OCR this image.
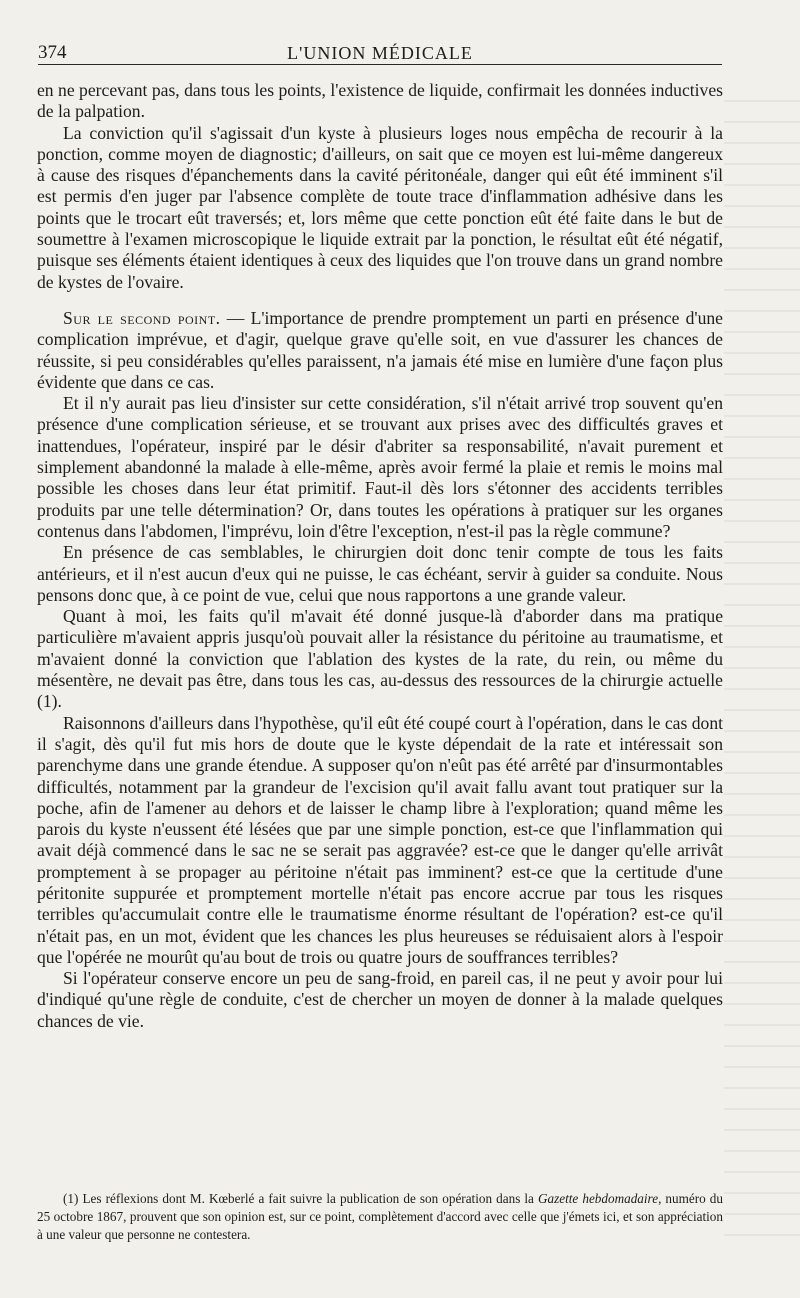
374	L'UNION MÉDICALE

en ne percevant pas, dans tous les points, l'existence de liquide, confirmait les données inductives de la palpation.

La conviction qu'il s'agissait d'un kyste à plusieurs loges nous empêcha de recourir à la ponction, comme moyen de diagnostic; d'ailleurs, on sait que ce moyen est lui-même dangereux à cause des risques d'épanchements dans la cavité péritonéale, danger qui eût été imminent s'il est permis d'en juger par l'absence complète de toute trace d'inflammation adhésive dans les points que le trocart eût traversés; et, lors même que cette ponction eût été faite dans le but de soumettre à l'examen microscopique le liquide extrait par la ponction, le résultat eût été négatif, puisque ses éléments étaient identiques à ceux des liquides que l'on trouve dans un grand nombre de kystes de l'ovaire.

Sur le second point. — L'importance de prendre promptement un parti en présence d'une complication imprévue, et d'agir, quelque grave qu'elle soit, en vue d'assurer les chances de réussite, si peu considérables qu'elles paraissent, n'a jamais été mise en lumière d'une façon plus évidente que dans ce cas.

Et il n'y aurait pas lieu d'insister sur cette considération, s'il n'était arrivé trop souvent qu'en présence d'une complication sérieuse, et se trouvant aux prises avec des difficultés graves et inattendues, l'opérateur, inspiré par le désir d'abriter sa responsabilité, n'avait purement et simplement abandonné la malade à elle-même, après avoir fermé la plaie et remis le moins mal possible les choses dans leur état primitif. Faut-il dès lors s'étonner des accidents terribles produits par une telle détermination? Or, dans toutes les opérations à pratiquer sur les organes contenus dans l'abdomen, l'imprévu, loin d'être l'exception, n'est-il pas la règle commune?

En présence de cas semblables, le chirurgien doit donc tenir compte de tous les faits antérieurs, et il n'est aucun d'eux qui ne puisse, le cas échéant, servir à guider sa conduite. Nous pensons donc que, à ce point de vue, celui que nous rapportons a une grande valeur.

Quant à moi, les faits qu'il m'avait été donné jusque-là d'aborder dans ma pratique particulière m'avaient appris jusqu'où pouvait aller la résistance du péritoine au traumatisme, et m'avaient donné la conviction que l'ablation des kystes de la rate, du rein, ou même du mésentère, ne devait pas être, dans tous les cas, au-dessus des ressources de la chirurgie actuelle (1).

Raisonnons d'ailleurs dans l'hypothèse, qu'il eût été coupé court à l'opération, dans le cas dont il s'agit, dès qu'il fut mis hors de doute que le kyste dépendait de la rate et intéressait son parenchyme dans une grande étendue. A supposer qu'on n'eût pas été arrêté par d'insurmontables difficultés, notamment par la grandeur de l'excision qu'il avait fallu avant tout pratiquer sur la poche, afin de l'amener au dehors et de laisser le champ libre à l'exploration; quand même les parois du kyste n'eussent été lésées que par une simple ponction, est-ce que l'inflammation qui avait déjà commencé dans le sac ne se serait pas aggravée? est-ce que le danger qu'elle arrivât promptement à se propager au péritoine n'était pas imminent? est-ce que la certitude d'une péritonite suppurée et promptement mortelle n'était pas encore accrue par tous les risques terribles qu'accumulait contre elle le traumatisme énorme résultant de l'opération? est-ce qu'il n'était pas, en un mot, évident que les chances les plus heureuses se réduisaient alors à l'espoir que l'opérée ne mourût qu'au bout de trois ou quatre jours de souffrances terribles?

Si l'opérateur conserve encore un peu de sang-froid, en pareil cas, il ne peut y avoir pour lui d'indiqué qu'une règle de conduite, c'est de chercher un moyen de donner à la malade quelques chances de vie.

(1) Les réflexions dont M. Kœberlé a fait suivre la publication de son opération dans la Gazette hebdomadaire, numéro du 25 octobre 1867, prouvent que son opinion est, sur ce point, complètement d'accord avec celle que j'émets ici, et son appréciation à une valeur que personne ne contestera.
